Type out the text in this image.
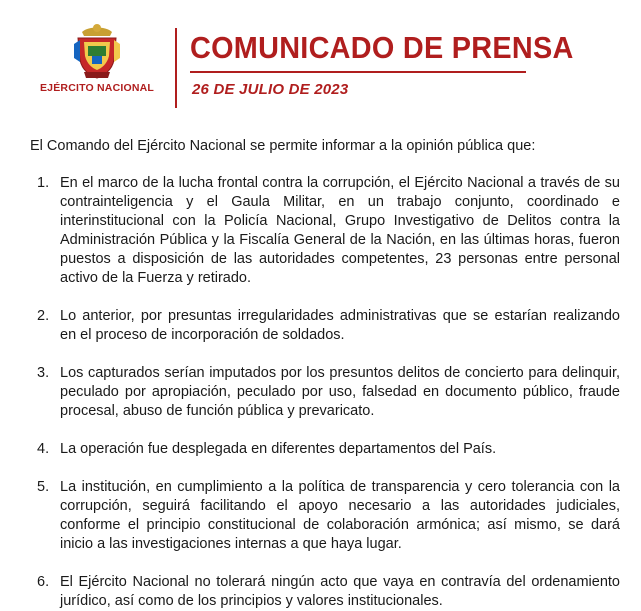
EJÉRCITO NACIONAL
COMUNICADO DE PRENSA
26 DE JULIO DE 2023
El Comando del Ejército Nacional se permite informar a la opinión pública que:
1. En el marco de la lucha frontal contra la corrupción, el Ejército Nacional a través de su contrainteligencia y el Gaula Militar, en un trabajo conjunto, coordinado e interinstitucional con la Policía Nacional, Grupo Investigativo de Delitos contra la Administración Pública y la Fiscalía General de la Nación, en las últimas horas, fueron puestos a disposición de las autoridades competentes, 23 personas entre personal activo de la Fuerza y retirado.
2. Lo anterior, por presuntas irregularidades administrativas que se estarían realizando en el proceso de incorporación de soldados.
3. Los capturados serían imputados por los presuntos delitos de concierto para delinquir, peculado por apropiación, peculado por uso, falsedad en documento público, fraude procesal, abuso de función pública y prevaricato.
4. La operación fue desplegada en diferentes departamentos del País.
5. La institución, en cumplimiento a la política de transparencia y cero tolerancia con la corrupción, seguirá facilitando el apoyo necesario a las autoridades judiciales, conforme el principio constitucional de colaboración armónica; así mismo, se dará inicio a las investigaciones internas a que haya lugar.
6. El Ejército Nacional no tolerará ningún acto que vaya en contravía del ordenamiento jurídico, así como de los principios y valores institucionales.
